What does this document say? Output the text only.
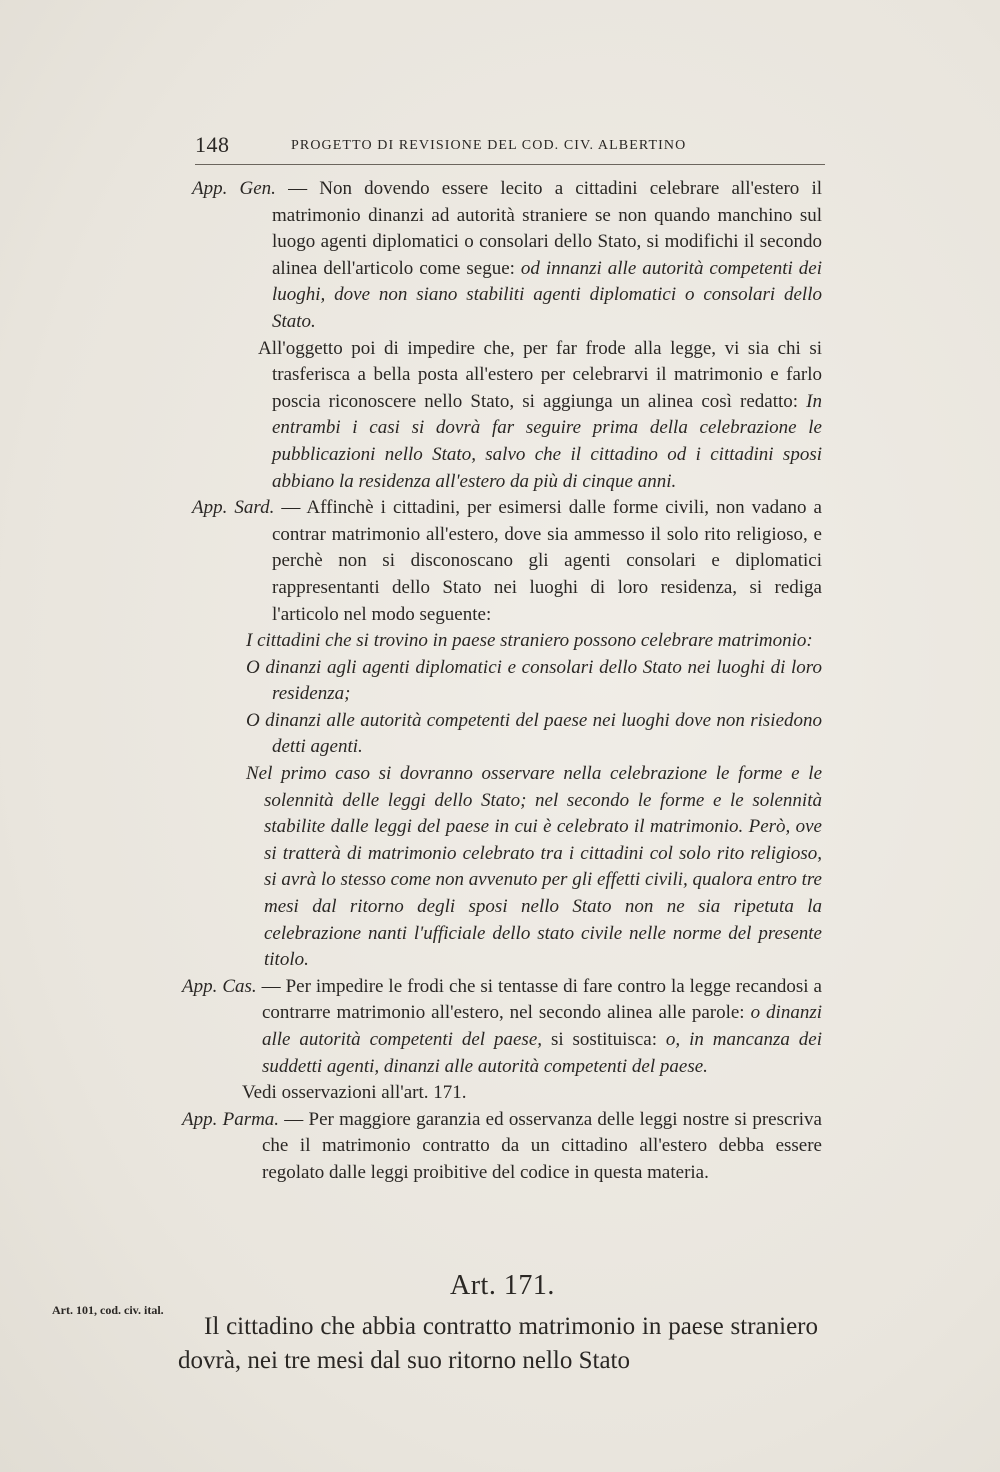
148	PROGETTO DI REVISIONE DEL COD. CIV. ALBERTINO

App. Gen. — Non dovendo essere lecito a cittadini celebrare all'estero il matrimonio dinanzi ad autorità straniere se non quando manchino sul luogo agenti diplomatici o consolari dello Stato, si modifichi il secondo alinea dell'articolo come segue: od innanzi alle autorità competenti dei luoghi, dove non siano stabiliti agenti diplomatici o consolari dello Stato.

All'oggetto poi di impedire che, per far frode alla legge, vi sia chi si trasferisca a bella posta all'estero per celebrarvi il matrimonio e farlo poscia riconoscere nello Stato, si aggiunga un alinea così redatto: In entrambi i casi si dovrà far seguire prima della celebrazione le pubblicazioni nello Stato, salvo che il cittadino od i cittadini sposi abbiano la residenza all'estero da più di cinque anni.

App. Sard. — Affinchè i cittadini, per esimersi dalle forme civili, non vadano a contrar matrimonio all'estero, dove sia ammesso il solo rito religioso, e perchè non si disconoscano gli agenti consolari e diplomatici rappresentanti dello Stato nei luoghi di loro residenza, si rediga l'articolo nel modo seguente:

I cittadini che si trovino in paese straniero possono celebrare matrimonio:

O dinanzi agli agenti diplomatici e consolari dello Stato nei luoghi di loro residenza;

O dinanzi alle autorità competenti del paese nei luoghi dove non risiedono detti agenti.

Nel primo caso si dovranno osservare nella celebrazione le forme e le solennità delle leggi dello Stato; nel secondo le forme e le solennità stabilite dalle leggi del paese in cui è celebrato il matrimonio. Però, ove si tratterà di matrimonio celebrato tra i cittadini col solo rito religioso, si avrà lo stesso come non avvenuto per gli effetti civili, qualora entro tre mesi dal ritorno degli sposi nello Stato non ne sia ripetuta la celebrazione nanti l'ufficiale dello stato civile nelle norme del presente titolo.

App. Cas. — Per impedire le frodi che si tentasse di fare contro la legge recandosi a contrarre matrimonio all'estero, nel secondo alinea alle parole: o dinanzi alle autorità competenti del paese, si sostituisca: o, in mancanza dei suddetti agenti, dinanzi alle autorità competenti del paese.

Vedi osservazioni all'art. 171.

App. Parma. — Per maggiore garanzia ed osservanza delle leggi nostre si prescriva che il matrimonio contratto da un cittadino all'estero debba essere regolato dalle leggi proibitive del codice in questa materia.

Art. 171.
Art. 101, cod. civ. ital.
Il cittadino che abbia contratto matrimonio in paese straniero dovrà, nei tre mesi dal suo ritorno nello Stato
